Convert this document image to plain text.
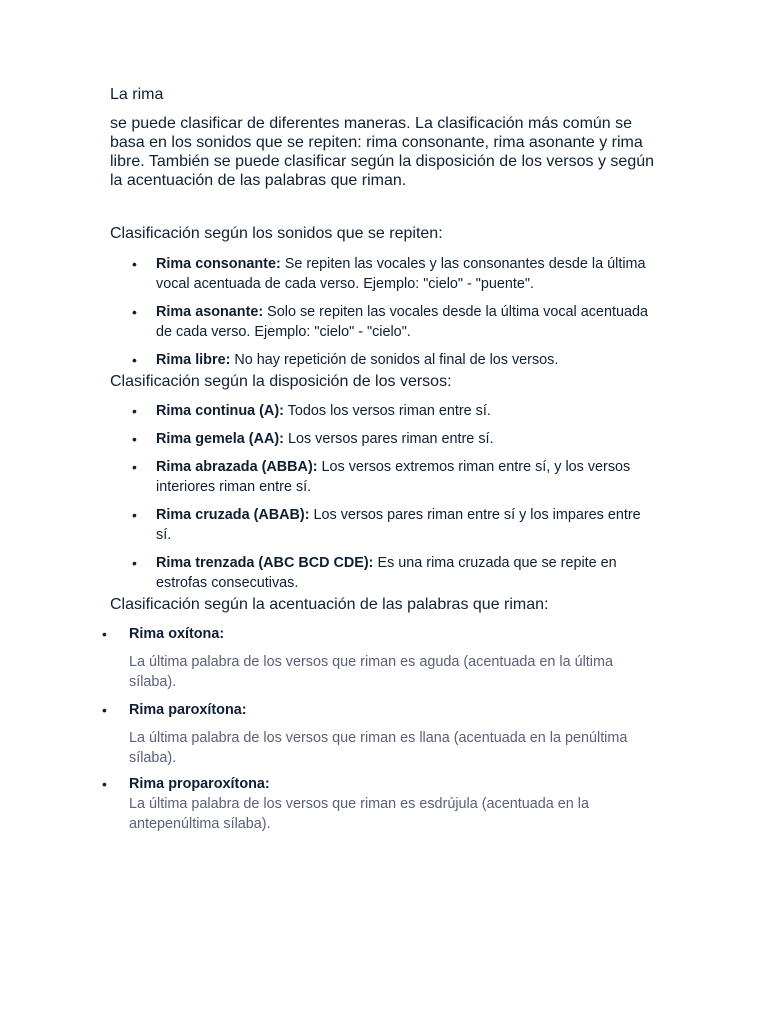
La rima

se puede clasificar de diferentes maneras. La clasificación más común se basa en los sonidos que se repiten: rima consonante, rima asonante y rima libre. También se puede clasificar según la disposición de los versos y según la acentuación de las palabras que riman.

Clasificación según los sonidos que se repiten:
• Rima consonante: Se repiten las vocales y las consonantes desde la última vocal acentuada de cada verso. Ejemplo: "cielo" - "puente".
• Rima asonante: Solo se repiten las vocales desde la última vocal acentuada de cada verso. Ejemplo: "cielo" - "cielo".
• Rima libre: No hay repetición de sonidos al final de los versos.
Clasificación según la disposición de los versos:
• Rima continua (A): Todos los versos riman entre sí.
• Rima gemela (AA): Los versos pares riman entre sí.
• Rima abrazada (ABBA): Los versos extremos riman entre sí, y los versos interiores riman entre sí.
• Rima cruzada (ABAB): Los versos pares riman entre sí y los impares entre sí.
• Rima trenzada (ABC BCD CDE): Es una rima cruzada que se repite en estrofas consecutivas.
Clasificación según la acentuación de las palabras que riman:
• Rima oxítona:
La última palabra de los versos que riman es aguda (acentuada en la última sílaba).
• Rima paroxítona:
La última palabra de los versos que riman es llana (acentuada en la penúltima sílaba).
• Rima proparoxítona:
La última palabra de los versos que riman es esdrújula (acentuada en la antepenúltima sílaba).
